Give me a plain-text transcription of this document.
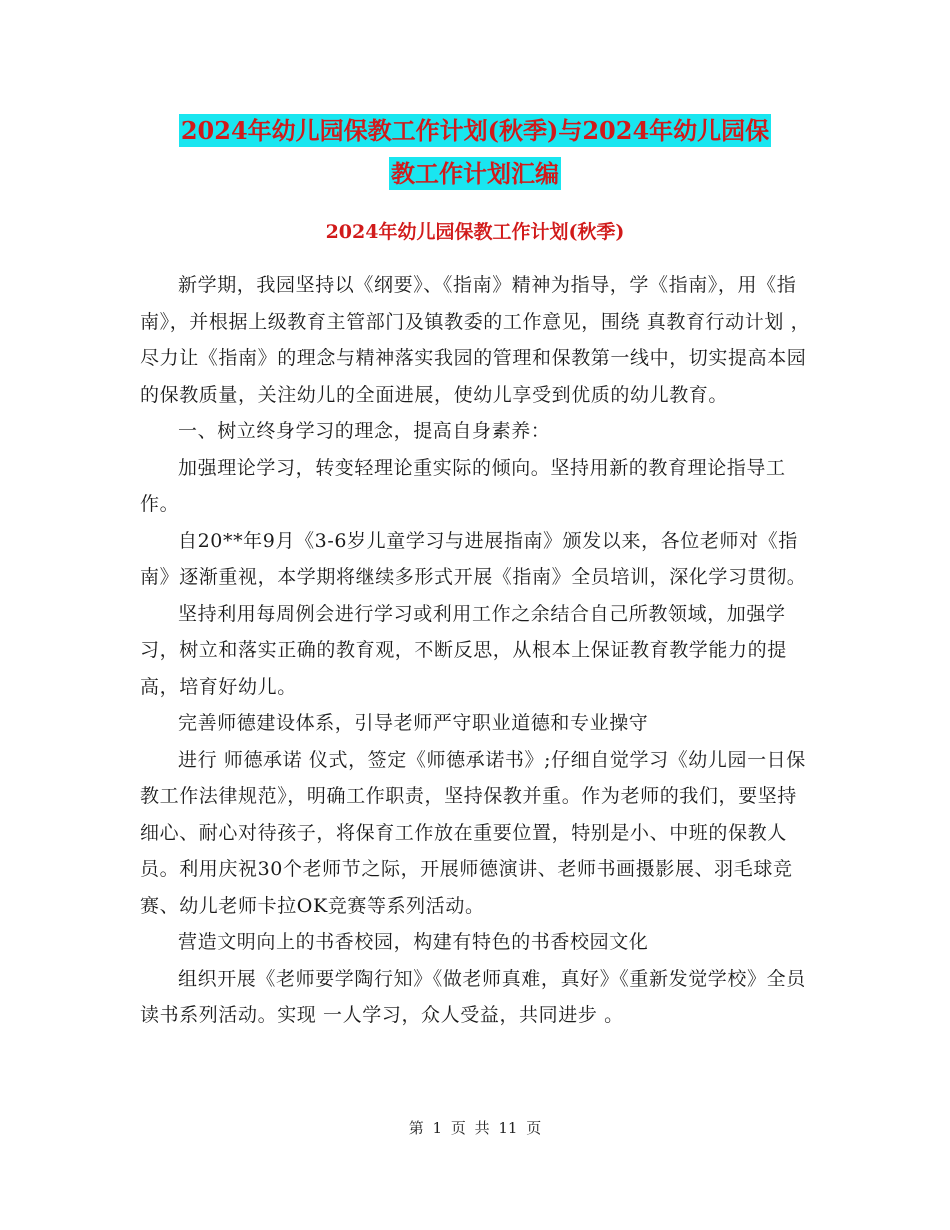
2024年幼儿园保教工作计划(秋季)与2024年幼儿园保
教工作计划汇编
2024年幼儿园保教工作计划(秋季)

新学期，我园坚持以《纲要》、《指南》精神为指导，学《指南》，用《指南》，并根据上级教育主管部门及镇教委的工作意见，围绕 真教育行动计划 ，尽力让《指南》的理念与精神落实我园的管理和保教第一线中，切实提高本园的保教质量，关注幼儿的全面进展，使幼儿享受到优质的幼儿教育。

一、树立终身学习的理念，提高自身素养：

加强理论学习，转变轻理论重实际的倾向。坚持用新的教育理论指导工作。

自20**年9月《3-6岁儿童学习与进展指南》颁发以来，各位老师对《指南》逐渐重视，本学期将继续多形式开展《指南》全员培训，深化学习贯彻。

坚持利用每周例会进行学习或利用工作之余结合自己所教领域，加强学习，树立和落实正确的教育观，不断反思，从根本上保证教育教学能力的提高，培育好幼儿。

完善师德建设体系，引导老师严守职业道德和专业操守

进行 师德承诺 仪式，签定《师德承诺书》;仔细自觉学习《幼儿园一日保教工作法律规范》，明确工作职责，坚持保教并重。作为老师的我们，要坚持细心、耐心对待孩子，将保育工作放在重要位置，特别是小、中班的保教人员。利用庆祝30个老师节之际，开展师德演讲、老师书画摄影展、羽毛球竞赛、幼儿老师卡拉OK竞赛等系列活动。

营造文明向上的书香校园，构建有特色的书香校园文化

组织开展《老师要学陶行知》《做老师真难，真好》《重新发觉学校》全员读书系列活动。实现 一人学习，众人受益，共同进步 。

第 1 页 共 11 页
